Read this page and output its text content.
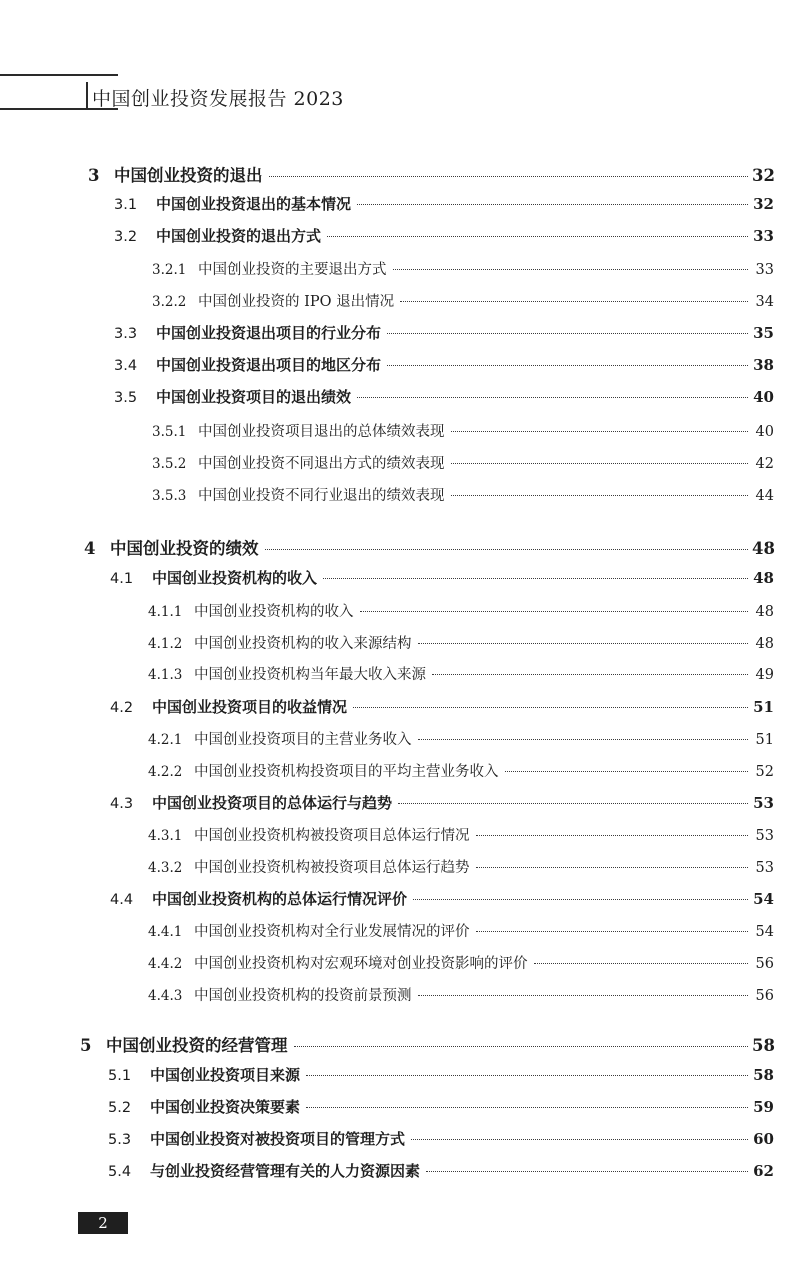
中国创业投资发展报告 2023
3 中国创业投资的退出	32
3.1	中国创业投资退出的基本情况	32
3.2	中国创业投资的退出方式	33
3.2.1 中国创业投资的主要退出方式	33
3.2.2 中国创业投资的 IPO 退出情况	34
3.3	中国创业投资退出项目的行业分布	35
3.4	中国创业投资退出项目的地区分布	38
3.5	中国创业投资项目的退出绩效	40
3.5.1 中国创业投资项目退出的总体绩效表现	40
3.5.2 中国创业投资不同退出方式的绩效表现	42
3.5.3 中国创业投资不同行业退出的绩效表现	44
4 中国创业投资的绩效	48
4.1	中国创业投资机构的收入	48
4.1.1 中国创业投资机构的收入	48
4.1.2 中国创业投资机构的收入来源结构	48
4.1.3 中国创业投资机构当年最大收入来源	49
4.2	中国创业投资项目的收益情况	51
4.2.1 中国创业投资项目的主营业务收入	51
4.2.2 中国创业投资机构投资项目的平均主营业务收入	52
4.3	中国创业投资项目的总体运行与趋势	53
4.3.1 中国创业投资机构被投资项目总体运行情况	53
4.3.2 中国创业投资机构被投资项目总体运行趋势	53
4.4	中国创业投资机构的总体运行情况评价	54
4.4.1 中国创业投资机构对全行业发展情况的评价	54
4.4.2 中国创业投资机构对宏观环境对创业投资影响的评价	56
4.4.3 中国创业投资机构的投资前景预测	56
5 中国创业投资的经营管理	58
5.1	中国创业投资项目来源	58
5.2	中国创业投资决策要素	59
5.3	中国创业投资对被投资项目的管理方式	60
5.4	与创业投资经营管理有关的人力资源因素	62
2
